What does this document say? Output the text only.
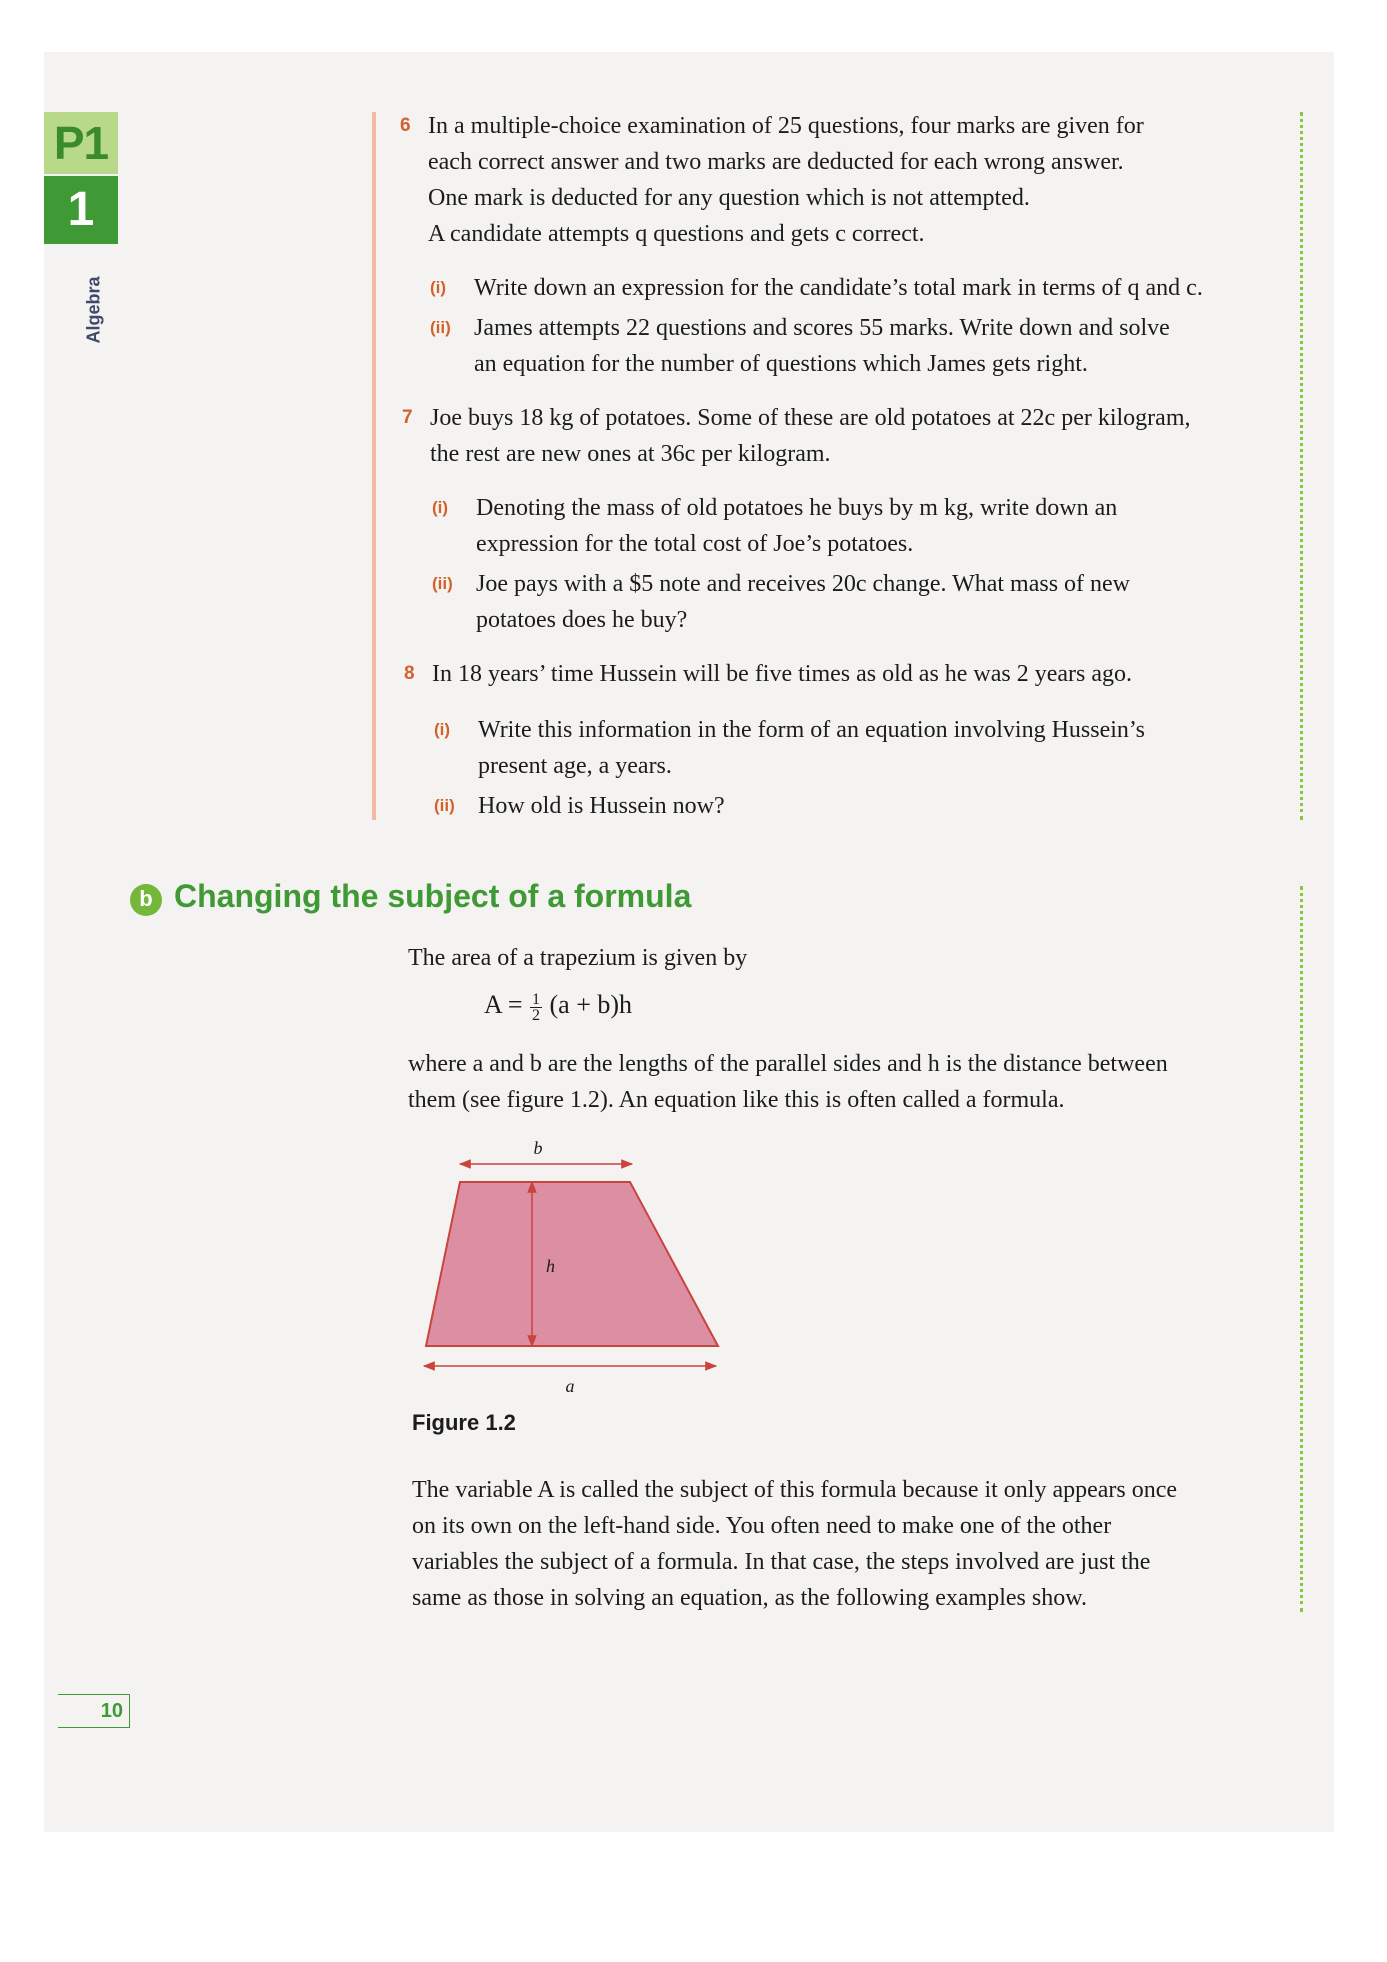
P1
1
Algebra
6 In a multiple-choice examination of 25 questions, four marks are given for
each correct answer and two marks are deducted for each wrong answer.
One mark is deducted for any question which is not attempted.
A candidate attempts q questions and gets c correct.
(i) Write down an expression for the candidate’s total mark in terms of q and c.
(ii) James attempts 22 questions and scores 55 marks. Write down and solve
an equation for the number of questions which James gets right.
7 Joe buys 18 kg of potatoes. Some of these are old potatoes at 22c per kilogram,
the rest are new ones at 36c per kilogram.
(i) Denoting the mass of old potatoes he buys by m kg, write down an
expression for the total cost of Joe’s potatoes.
(ii) Joe pays with a $5 note and receives 20c change. What mass of new
potatoes does he buy?
8 In 18 years’ time Hussein will be five times as old as he was 2 years ago.
(i) Write this information in the form of an equation involving Hussein’s
present age, a years.
(ii) How old is Hussein now?
b Changing the subject of a formula
The area of a trapezium is given by
$A = \frac{1}{2} (a + b)h$
where a and b are the lengths of the parallel sides and h is the distance between
them (see figure 1.2). An equation like this is often called a formula.
b
h
a
Figure 1.2
The variable A is called the subject of this formula because it only appears once
on its own on the left-hand side. You often need to make one of the other
variables the subject of a formula. In that case, the steps involved are just the
same as those in solving an equation, as the following examples show.
10
